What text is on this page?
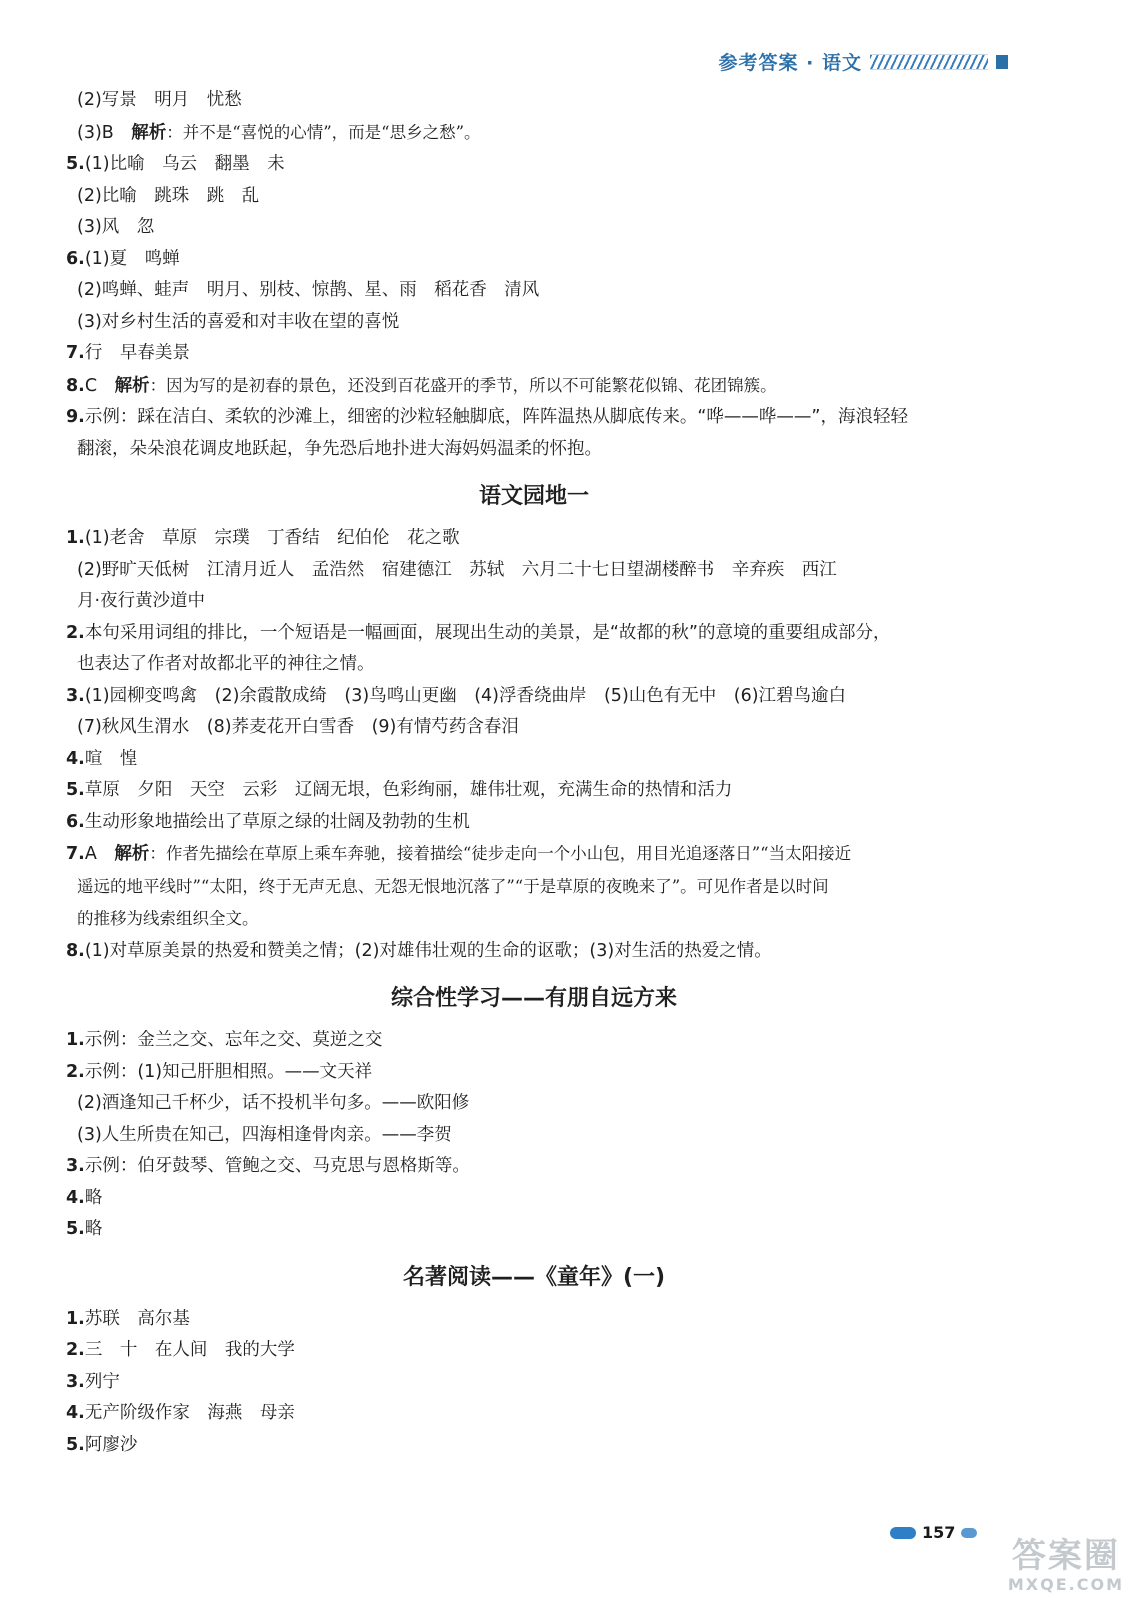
参考答案 · 语文
(2)写景　明月　忧愁
(3)B　 解析：并不是“喜悦的心情”，而是“思乡之愁”。
5.(1)比喻　乌云　翻墨　未
(2)比喻　跳珠　跳　乱
(3)风　忽
6.(1)夏　鸣蝉
(2)鸣蝉、蛙声　明月、别枝、惊鹊、星、雨　稻花香　清风
(3)对乡村生活的喜爱和对丰收在望的喜悦
7.行　早春美景
8.C　 解析：因为写的是初春的景色，还没到百花盛开的季节，所以不可能繁花似锦、花团锦簇。
9.示例：踩在洁白、柔软的沙滩上，细密的沙粒轻触脚底，阵阵温热从脚底传来。“哗——哗——”，海浪轻轻
翻滚，朵朵浪花调皮地跃起，争先恐后地扑进大海妈妈温柔的怀抱。
语文园地一
1.(1)老舍　草原　宗璞　丁香结　纪伯伦　花之歌
(2)野旷天低树　江清月近人　孟浩然　宿建德江　苏轼　六月二十七日望湖楼醉书　辛弃疾　西江
月·夜行黄沙道中
2.本句采用词组的排比，一个短语是一幅画面，展现出生动的美景，是“故都的秋”的意境的重要组成部分，
也表达了作者对故都北平的神往之情。
3.(1)园柳变鸣禽　(2)余霞散成绮　(3)鸟鸣山更幽　(4)浮香绕曲岸　(5)山色有无中　(6)江碧鸟逾白
(7)秋风生渭水　(8)荞麦花开白雪香　(9)有情芍药含春泪
4.喧　惶
5.草原　夕阳　天空　云彩　辽阔无垠，色彩绚丽，雄伟壮观，充满生命的热情和活力
6.生动形象地描绘出了草原之绿的壮阔及勃勃的生机
7.A　 解析：作者先描绘在草原上乘车奔驰，接着描绘“徒步走向一个小山包，用目光追逐落日”“当太阳接近
遥远的地平线时”“太阳，终于无声无息、无怨无恨地沉落了”“于是草原的夜晚来了”。可见作者是以时间
的推移为线索组织全文。
8.(1)对草原美景的热爱和赞美之情；(2)对雄伟壮观的生命的讴歌；(3)对生活的热爱之情。
综合性学习——有朋自远方来
1.示例：金兰之交、忘年之交、莫逆之交
2.示例：(1)知己肝胆相照。——文天祥
(2)酒逢知己千杯少，话不投机半句多。——欧阳修
(3)人生所贵在知己，四海相逢骨肉亲。——李贺
3.示例：伯牙鼓琴、管鲍之交、马克思与恩格斯等。
4.略
5.略
名著阅读——《童年》(一)
1.苏联　高尔基
2.三　十　在人间　我的大学
3.列宁
4.无产阶级作家　海燕　母亲
5.阿廖沙
157
答案圈
MXQE.COM
